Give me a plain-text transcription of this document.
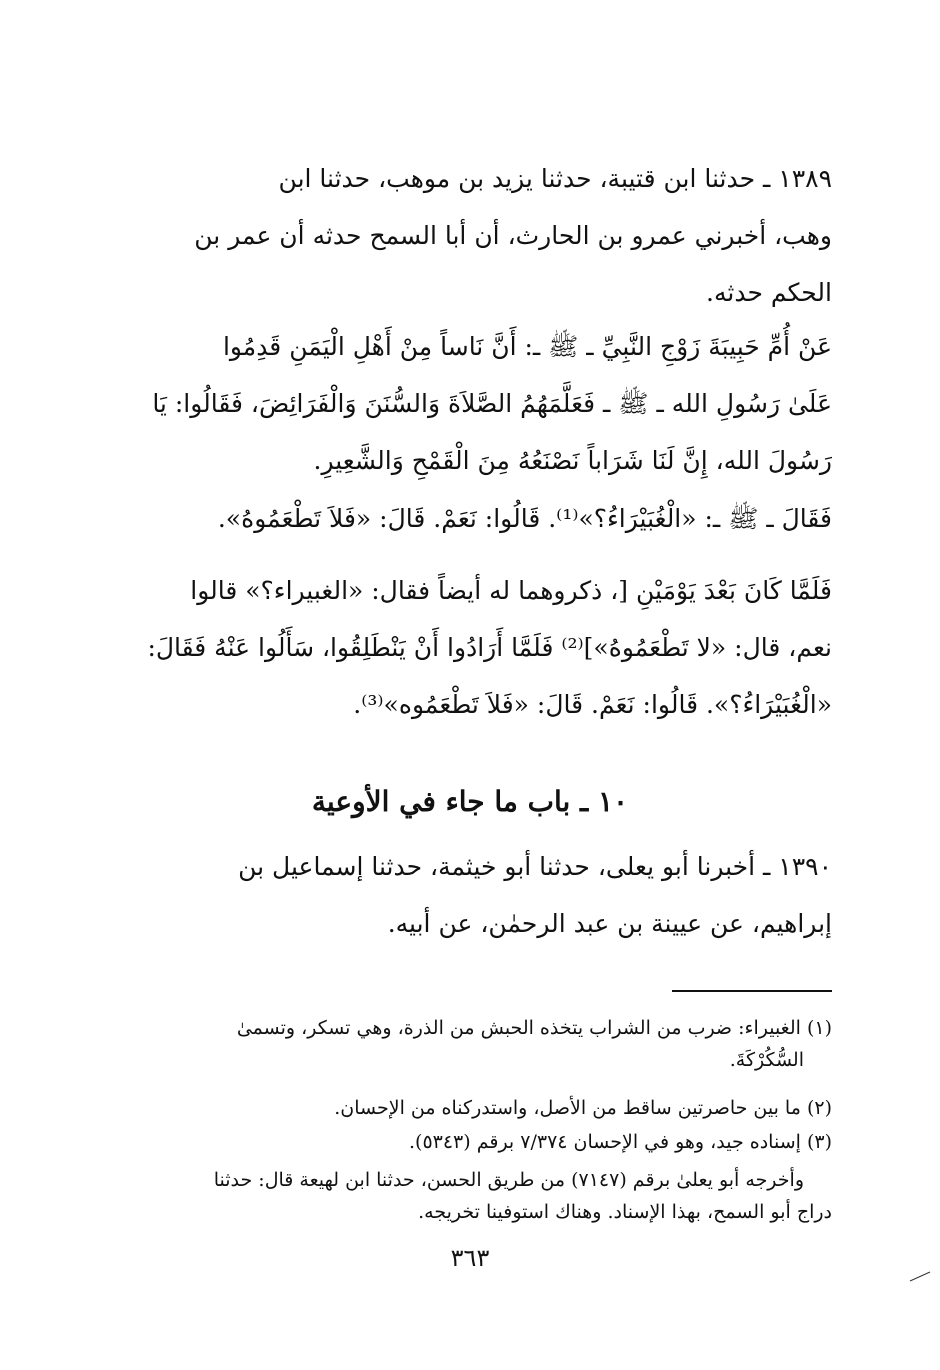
١٣٨٩ ـ حدثنا ابن قتيبة، حدثنا يزيد بن موهب، حدثنا ابن
وهب، أخبرني عمرو بن الحارث، أن أبا السمح حدثه أن عمر بن
الحكم حدثه.
عَنْ أُمِّ حَبِيبَةَ زَوْجِ النَّبِيِّ ـ ﷺ ـ: أَنَّ نَاساً مِنْ أَهْلِ الْيَمَنِ قَدِمُوا
عَلَىٰ رَسُولِ الله ـ ﷺ ـ فَعَلَّمَهُمُ الصَّلاَةَ وَالسُّنَنَ وَالْفَرَائِضَ، فَقَالُوا: يَا
رَسُولَ الله، إِنَّ لَنَا شَرَاباً نَصْنَعُهُ مِنَ الْقَمْحِ وَالشَّعِيرِ.
فَقَالَ ـ ﷺ ـ: «الْغُبَيْرَاءُ؟»⁽¹⁾. قَالُوا: نَعَمْ. قَالَ: «فَلاَ تَطْعَمُوهُ».
فَلَمَّا كَانَ بَعْدَ يَوْمَيْنِ [، ذكروهما له أيضاً فقال: «الغبيراء؟» قالوا
نعم، قال: «لا تَطْعَمُوهُ»]⁽²⁾ فَلَمَّا أَرَادُوا أَنْ يَنْطَلِقُوا، سَأَلُوا عَنْهُ فَقَالَ:
«الْغُبَيْرَاءُ؟». قَالُوا: نَعَمْ. قَالَ: «فَلاَ تَطْعَمُوه»⁽³⁾.
١٠ ـ باب ما جاء في الأوعية
١٣٩٠ ـ أخبرنا أبو يعلى، حدثنا أبو خيثمة، حدثنا إسماعيل بن
إبراهيم، عن عيينة بن عبد الرحمٰن، عن أبيه.
(١) الغبيراء: ضرب من الشراب يتخذه الحبش من الذرة، وهي تسكر، وتسمىٰ
السُّكُرْكَةَ.
(٢) ما بين حاصرتين ساقط من الأصل، واستدركناه من الإحسان.
(٣) إسناده جيد، وهو في الإحسان ٧/٣٧٤ برقم (٥٣٤٣).
وأخرجه أبو يعلىٰ برقم (٧١٤٧) من طريق الحسن، حدثنا ابن لهيعة قال: حدثنا
دراج أبو السمح، بهذا الإسناد. وهناك استوفينا تخريجه.
٣٦٣
